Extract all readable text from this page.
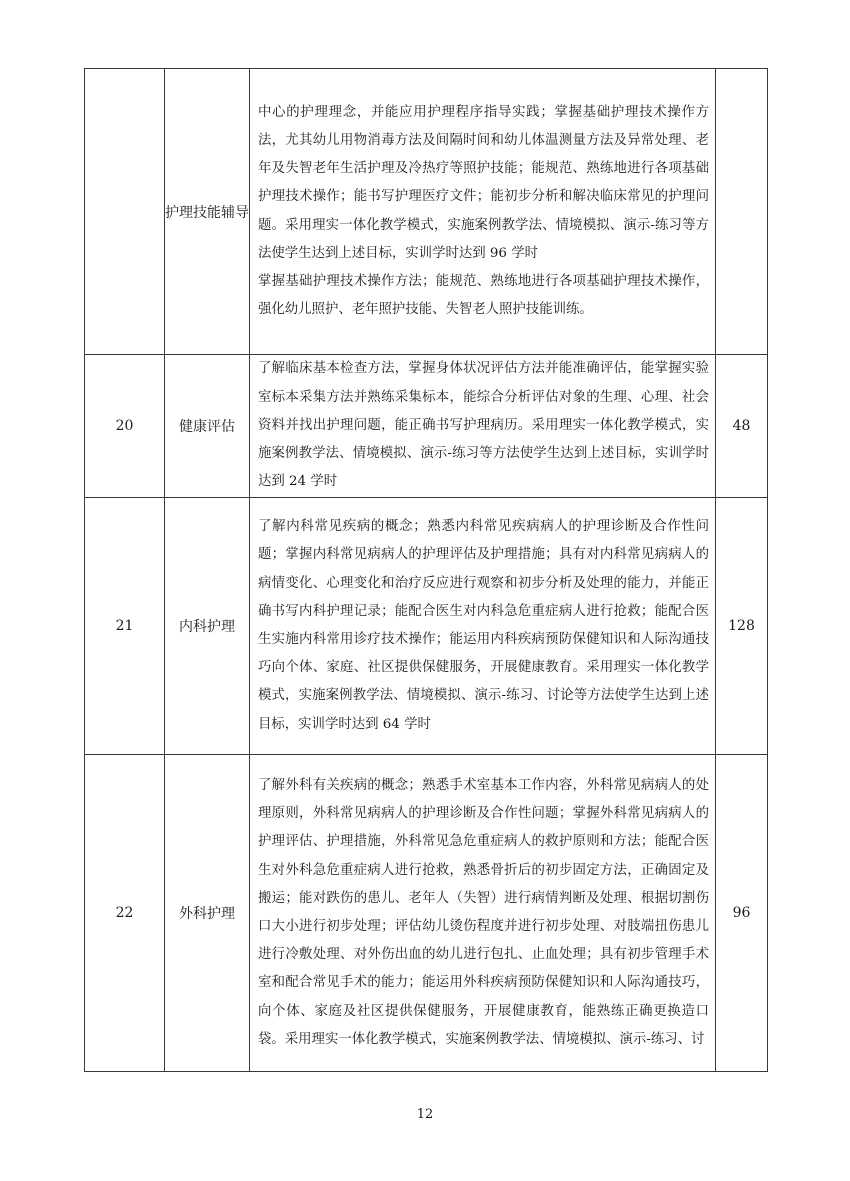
	护理技能辅导	中心的护理理念，并能应用护理程序指导实践；掌握基础护理技术操作方法，尤其幼儿用物消毒方法及间隔时间和幼儿体温测量方法及异常处理、老年及失智老年生活护理及冷热疗等照护技能；能规范、熟练地进行各项基础护理技术操作；能书写护理医疗文件；能初步分析和解决临床常见的护理问题。采用理实一体化教学模式，实施案例教学法、情境模拟、演示-练习等方法使学生达到上述目标，实训学时达到 96 学时

掌握基础护理技术操作方法；能规范、熟练地进行各项基础护理技术操作，强化幼儿照护、老年照护技能、失智老人照护技能训练。	

20	健康评估	了解临床基本检查方法，掌握身体状况评估方法并能准确评估，能掌握实验室标本采集方法并熟练采集标本，能综合分析评估对象的生理、心理、社会资料并找出护理问题，能正确书写护理病历。采用理实一体化教学模式，实施案例教学法、情境模拟、演示-练习等方法使学生达到上述目标，实训学时达到 24 学时	48
21	内科护理	了解内科常见疾病的概念；熟悉内科常见疾病病人的护理诊断及合作性问题；掌握内科常见病病人的护理评估及护理措施；具有对内科常见病病人的病情变化、心理变化和治疗反应进行观察和初步分析及处理的能力，并能正确书写内科护理记录；能配合医生对内科急危重症病人进行抢救；能配合医生实施内科常用诊疗技术操作；能运用内科疾病预防保健知识和人际沟通技巧向个体、家庭、社区提供保健服务，开展健康教育。采用理实一体化教学模式，实施案例教学法、情境模拟、演示-练习、讨论等方法使学生达到上述目标，实训学时达到 64 学时	128
22	外科护理	了解外科有关疾病的概念；熟悉手术室基本工作内容，外科常见病病人的处理原则，外科常见病病人的护理诊断及合作性问题；掌握外科常见病病人的护理评估、护理措施，外科常见急危重症病人的救护原则和方法；能配合医生对外科急危重症病人进行抢救，熟悉骨折后的初步固定方法，正确固定及搬运；能对跌伤的患儿、老年人（失智）进行病情判断及处理、根据切割伤口大小进行初步处理；评估幼儿烫伤程度并进行初步处理、对肢端扭伤患儿进行冷敷处理、对外伤出血的幼儿进行包扎、止血处理；具有初步管理手术室和配合常见手术的能力；能运用外科疾病预防保健知识和人际沟通技巧，向个体、家庭及社区提供保健服务，开展健康教育，能熟练正确更换造口袋。采用理实一体化教学模式，实施案例教学法、情境模拟、演示-练习、讨	96
12
